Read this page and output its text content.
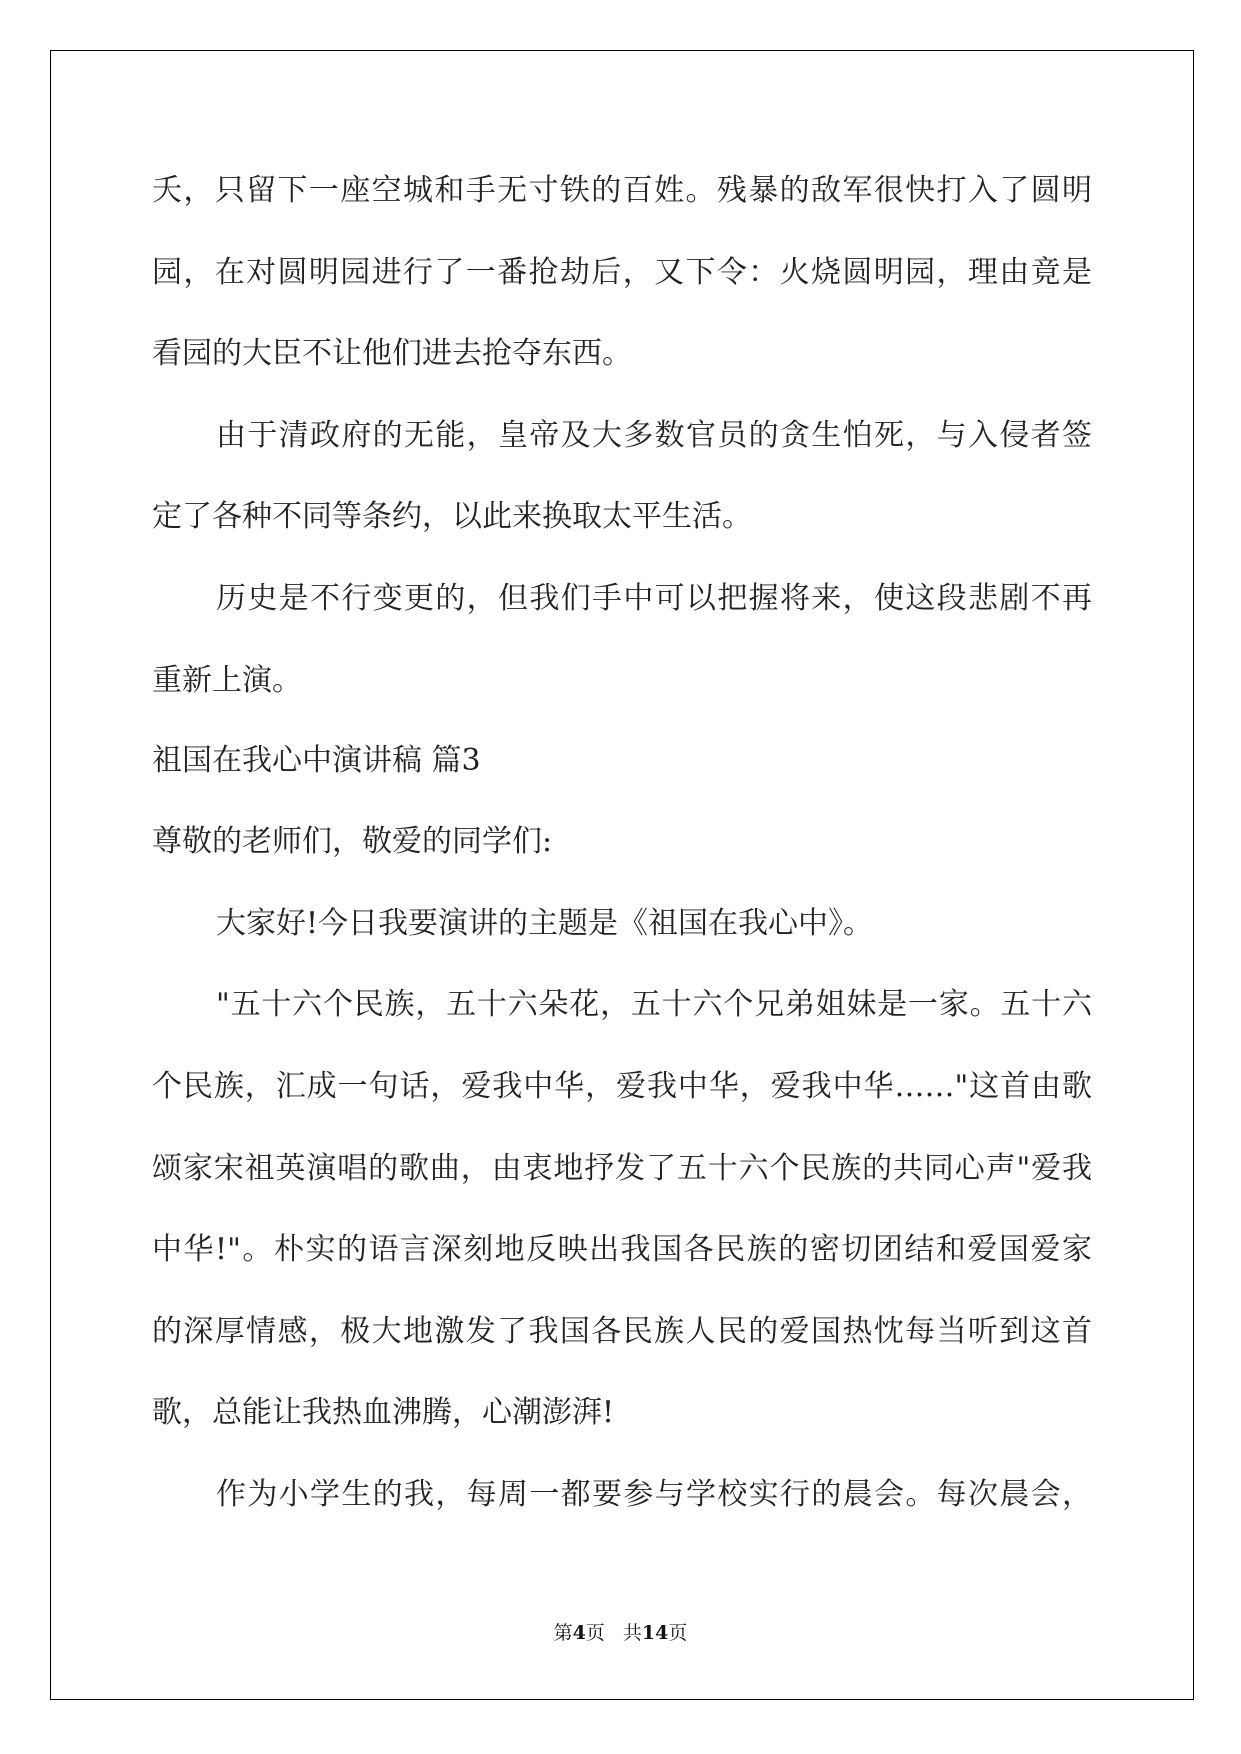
夭，只留下一座空城和手无寸铁的百姓。残暴的敌军很快打入了圆明
园，在对圆明园进行了一番抢劫后，又下令：火烧圆明园，理由竟是
看园的大臣不让他们进去抢夺东西。
由于清政府的无能，皇帝及大多数官员的贪生怕死，与入侵者签
定了各种不同等条约，以此来换取太平生活。
历史是不行变更的，但我们手中可以把握将来，使这段悲剧不再
重新上演。
祖国在我心中演讲稿 篇3
尊敬的老师们，敬爱的同学们:
大家好!今日我要演讲的主题是《祖国在我心中》。
"五十六个民族，五十六朵花，五十六个兄弟姐妹是一家。五十六
个民族，汇成一句话，爱我中华，爱我中华，爱我中华……"这首由歌
颂家宋祖英演唱的歌曲，由衷地抒发了五十六个民族的共同心声"爱我
中华!"。朴实的语言深刻地反映出我国各民族的密切团结和爱国爱家
的深厚情感，极大地激发了我国各民族人民的爱国热忱每当听到这首
歌，总能让我热血沸腾，心潮澎湃!
作为小学生的我，每周一都要参与学校实行的晨会。每次晨会，
第4页 共14页
